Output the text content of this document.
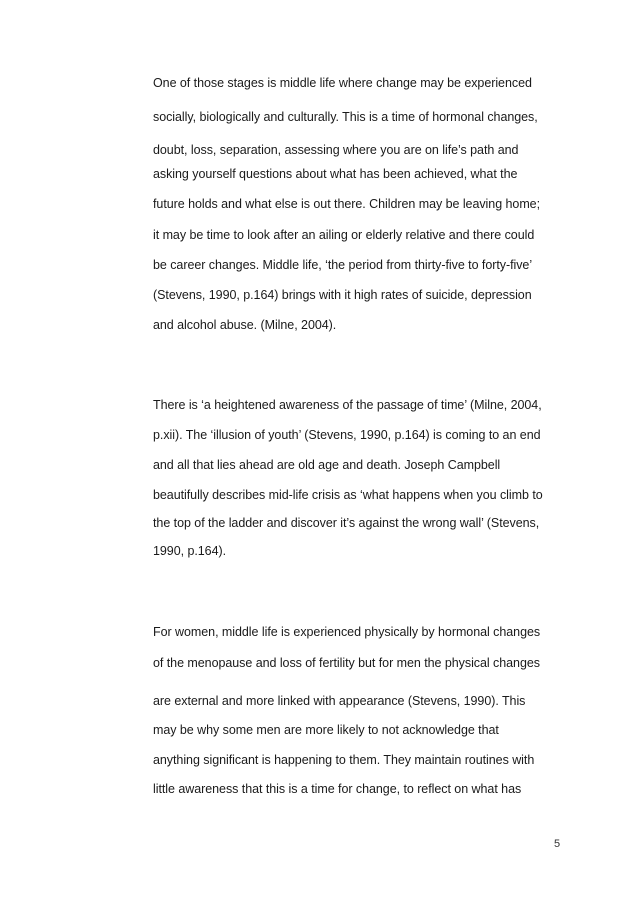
One of those stages is middle life where change may be experienced
socially, biologically and culturally. This is a time of hormonal changes,
doubt, loss, separation, assessing where you are on life’s path and
asking yourself questions about what has been achieved, what the
future holds and what else is out there. Children may be leaving home;
it may be time to look after an ailing or elderly relative and there could
be career changes. Middle life, ‘the period from thirty-five to forty-five’
(Stevens, 1990, p.164) brings with it high rates of suicide, depression
and alcohol abuse. (Milne, 2004).
There is ‘a heightened awareness of the passage of time’ (Milne, 2004,
p.xii). The ‘illusion of youth’ (Stevens, 1990, p.164) is coming to an end
and all that lies ahead are old age and death. Joseph Campbell
beautifully describes mid-life crisis as ‘what happens when you climb to
the top of the ladder and discover it’s against the wrong wall’ (Stevens,
1990, p.164).
For women, middle life is experienced physically by hormonal changes
of the menopause and loss of fertility but for men the physical changes
are external and more linked with appearance (Stevens, 1990). This
may be why some men are more likely to not acknowledge that
anything significant is happening to them. They maintain routines with
little awareness that this is a time for change, to reflect on what has
5
